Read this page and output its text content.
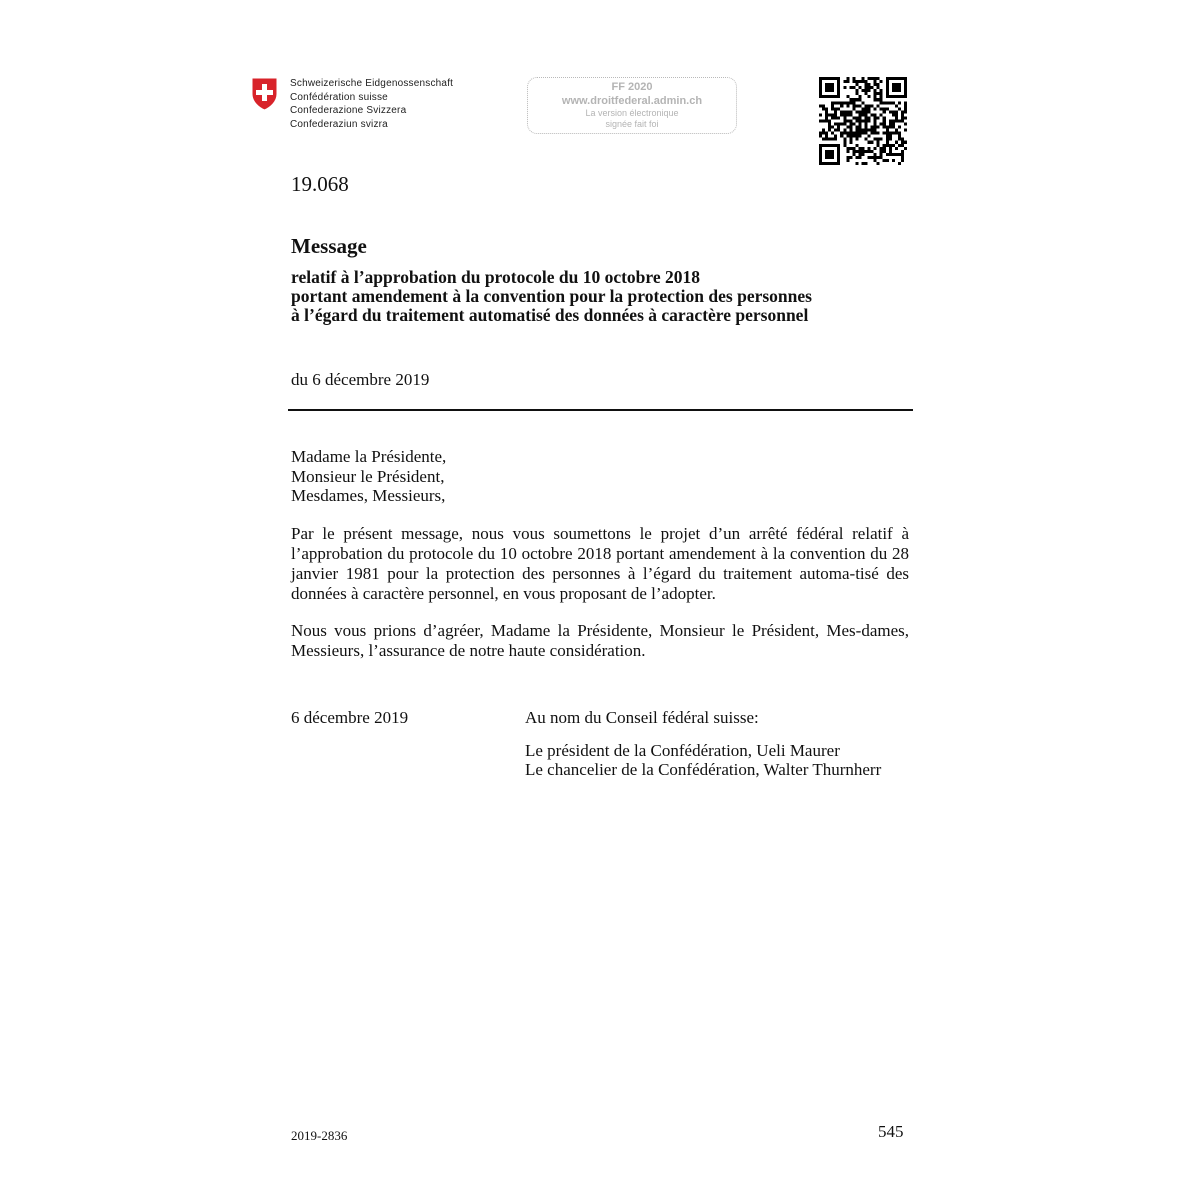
Schweizerische Eidgenossenschaft
Confédération suisse
Confederazione Svizzera
Confederaziun svizra
FF 2020
www.droitfederal.admin.ch
La version électronique
signée fait foi
19.068
Message
relatif à l’approbation du protocole du 10 octobre 2018
portant amendement à la convention pour la protection des personnes
à l’égard du traitement automatisé des données à caractère personnel
du 6 décembre 2019
Madame la Présidente,
Monsieur le Président,
Mesdames, Messieurs,
Par le présent message, nous vous soumettons le projet d’un arrêté fédéral relatif à l’approbation du protocole du 10 octobre 2018 portant amendement à la convention du 28 janvier 1981 pour la protection des personnes à l’égard du traitement automa-tisé des données à caractère personnel, en vous proposant de l’adopter.
Nous vous prions d’agréer, Madame la Présidente, Monsieur le Président, Mes-dames, Messieurs, l’assurance de notre haute considération.
6 décembre 2019	Au nom du Conseil fédéral suisse:
Le président de la Confédération, Ueli Maurer
Le chancelier de la Confédération, Walter Thurnherr
2019-2836	545
